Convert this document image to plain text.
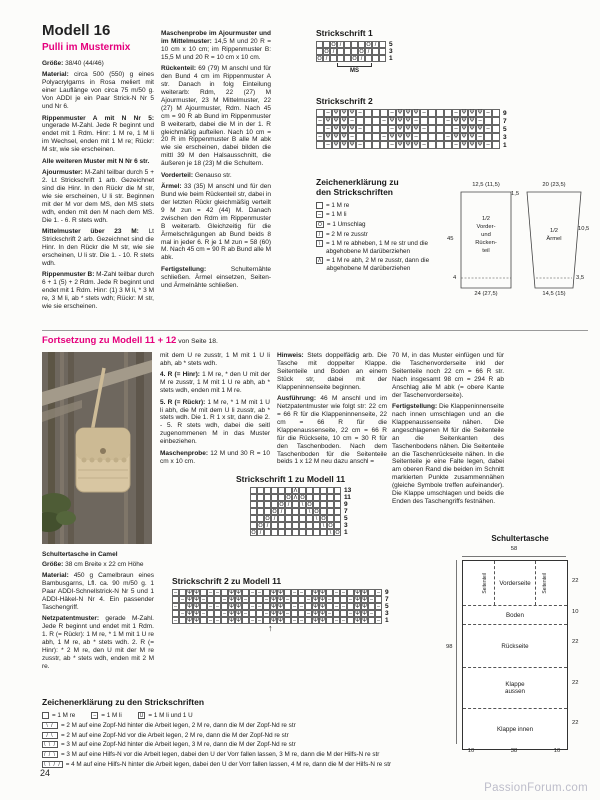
Modell 16
Pulli im Mustermix

Größe: 38/40 (44/46)

Material: circa 500 (550) g eines Polyacrylgarns in Rosa meliert mit einer Lauflänge von circa 75 m/50 g. Von ADDI je ein Paar Strick-N Nr 5 und Nr 6.

Rippenmuster A mit N Nr 5: ungerade M-Zahl. Jede R beginnt und endet mit 1 Rdm. Hinr: 1 M re, 1 M li im Wechsel, enden mit 1 M re; Rückr: M str, wie sie erscheinen.

Alle weiteren Muster mit N Nr 6 str.

Ajourmuster: M-Zahl teilbar durch 5 + 2. Lt Strickschrift 1 arb. Gezeichnet sind die Hinr. In den Rückr die M str, wie sie erscheinen, U li str. Beginnen mit der M vor dem MS, den MS stets wdh, enden mit den M nach dem MS. Die 1. - 6. R stets wdh.

Mittelmuster über 23 M: Lt Strickschrift 2 arb. Gezeichnet sind die Hinr. In den Rückr die M str, wie sie erscheinen, U li str. Die 1. - 10. R stets wdh.

Rippenmuster B: M-Zahl teilbar durch 6 + 1 (5) + 2 Rdm. Jede R beginnt und endet mit 1 Rdm. Hinr: (1) 3 M li, * 3 M re, 3 M li, ab * stets wdh; Rückr: M str, wie sie erscheinen.

Maschenprobe im Ajourmuster und im Mittelmuster: 14,5 M und 20 R = 10 cm x 10 cm; im Rippenmuster B: 15,5 M und 20 R = 10 cm x 10 cm.

Rückenteil: 69 (79) M anschl und für den Bund 4 cm im Rippenmuster A str. Danach in folg Einteilung weiterarb: Rdm, 22 (27) M Ajourmuster, 23 M Mittelmuster, 22 (27) M Ajourmuster, Rdm. Nach 45 cm = 90 R ab Bund im Rippenmuster B weiterarb, dabei die M in der 1. R gleichmäßig aufteilen. Nach 10 cm = 20 R im Rippenmuster B alle M abk wie sie erscheinen, dabei bilden die mittl 39 M den Halsausschnitt, die äußeren je 18 (23) M die Schultern.

Vorderteil: Genauso str.

Ärmel: 33 (35) M anschl und für den Bund wie beim Rückenteil str, dabei in der letzten Rückr gleichmäßig verteilt 9 M zun = 42 (44) M. Danach zwischen den Rdm im Rippenmuster B weiterarb. Gleichzeitig für die Ärmelschrägungen ab Bund beids 8 mal in jeder 6. R je 1 M zun = 58 (60) M. Nach 45 cm = 90 R ab Bund alle M abk.

Fertigstellung: Schulternähte schließen. Ärmel einsetzen, Seiten- und Ärmelnähte schließen.

Strickschrift 1
O /	O /	5
O /	O /	3
O /	O /	1
MS
Strickschrift 2
– Ψ Ψ Ψ –	– Ψ Ψ Ψ –	– Ψ Ψ Ψ –	9
– Ψ Ψ Ψ –	– Ψ Ψ Ψ –	– Ψ Ψ Ψ –	7
– Ψ Ψ Ψ –	– Ψ Ψ Ψ –	– Ψ Ψ Ψ –	5
– Ψ Ψ Ψ –	– Ψ Ψ Ψ –	– Ψ Ψ Ψ –	3
– Ψ Ψ Ψ –	– Ψ Ψ Ψ –	– Ψ Ψ Ψ –	1
Zeichenerklärung zu den Strickschriften
= 1 M re
– = 1 M li
O = 1 Umschlag
/ = 2 M re zusstr
\ = 1 M re abheben, 1 M re str und die abgehobene M darüberziehen
Λ = 1 M re abh, 2 M re zusstr, dann die abgehobene M darüberziehen
12,5 (11,5)
1,5
1/2
Vorder-
und
Rücken-
teil
45
4
24 (27,5)
20 (23,5)
1/2
Ärmel
10,5
3,5
14,5 (15)
Fortsetzung zu Modell 11 + 12 von Seite 18.

Schultertasche in Camel

Größe: 38 cm Breite x 22 cm Höhe

Material: 450 g Camelbraun eines Bambusgarns, Lfl. ca. 90 m/50 g. 1 Paar ADDI-Schnellstrick-N Nr 5 und 1 ADDI-Häkel-N Nr 4. Ein passender Taschengriff.

Netzpatentmuster: gerade M-Zahl. Jede R beginnt und endet mit 1 Rdm. 1. R (= Rückr): 1 M re, * 1 M mit 1 U re abh, 1 M re, ab * stets wdh. 2. R (= Hinr): * 2 M re, den U mit der M re zusstr, ab * stets wdh, enden mit 2 M re.

mit dem U re zusstr, 1 M mit 1 U li abh, ab * stets wdh.

4. R (= Hinr): 1 M re, * den U mit der M re zusstr, 1 M mit 1 U re abh, ab * stets wdh, enden mit 1 M re.

5. R (= Rückr): 1 M re, * 1 M mit 1 U li abh, die M mit dem U li zusstr, ab * stets wdh. Die 1. R 1 x str, dann die 2. - 5. R stets wdh, dabei die seitl zugenommenen M in das Muster einbeziehen.

Maschenprobe: 12 M und 30 R = 10 cm x 10 cm.

Hinweis: Stets doppelfädig arb. Die Tasche mit doppelter Klappe. Seitenteile und Boden an einem Stück str, dabei mit der Klappeninnenseite beginnen.

Ausführung: 46 M anschl und im Netzpatentmuster wie folgt str: 22 cm = 66 R für die Klappeninnenseite, 22 cm = 66 R für die Klappenaussenseite, 22 cm = 66 R für die Rückseite, 10 cm = 30 R für den Taschenboden. Nach dem Taschenboden für die Seitenteile beids 1 x 12 M neu dazu anschl =

70 M, in das Muster einfügen und für die Taschenvorderseite inkl der Seitenteile noch 22 cm = 66 R str. Nach insgesamt 98 cm = 294 R ab Anschlag alle M abk (= obere Kante der Taschenvorderseite).

Fertigstellung: Die Klappeninnenseite nach innen umschlagen und an die Klappenaussenseite nähen. Die angeschlagenen M für die Seitenteile an die Seitenkanten des Taschenbodens nähen. Die Seitenteile an die Taschenrückseite nähen. In die Seitenteile je eine Falte legen, dabei am oberen Rand die beiden im Schnitt markierten Punkte zusammennähen (gleiche Symbole treffen aufeinander). Die Klappe umschlagen und beids die Enden des Taschengriffs festnähen.

Strickschrift 1 zu Modell 11
Λ	13
O Λ O	11
O /	\ O	9
O /	\ O	7
O /	\ O	5
O /	\ O 3
O /	\ O 1
Strickschrift 2 zu Modell 11
–	Ψ Ψ	– –	Ψ Ψ	– –	Ψ Ψ	– –	Ψ Ψ	– –	Ψ Ψ	– 9
– Ψ Ψ –	– Ψ Ψ –	– Ψ Ψ –	– Ψ Ψ –	– Ψ Ψ –	7
–	Ψ Ψ	– –	Ψ Ψ	– –	Ψ Ψ	– –	Ψ Ψ	– –	Ψ Ψ	– 5
– Ψ Ψ –	– Ψ Ψ –	– Ψ Ψ –	– Ψ Ψ –	– Ψ Ψ –	3
–	Ψ Ψ	– –	Ψ Ψ	– –	Ψ Ψ	– –	Ψ Ψ	– –	Ψ Ψ	– 1
↑
Zeichenerklärung zu den Strickschriften
= 1 M re	– = 1 M li	U = 1 M li und 1 U
\ /	= 2 M auf eine Zopf-Nd hinter die Arbeit legen, 2 M re, dann die M der Zopf-Nd re str
/ \	= 2 M auf eine Zopf-Nd vor die Arbeit legen, 2 M re, dann die M der Zopf-Nd re str
\ \ / = 3 M auf eine Zopf-Nd hinter die Arbeit legen, 3 M re, dann die M der Zopf-Nd re str
/ / \ = 3 M auf eine Hilfs-N vor die Arbeit legen, dabei den U der Vorr fallen lassen, 3 M re, dann die M der Hilfs-N re str
\ \ / / = 4 M auf eine Hilfs-N hinter die Arbeit legen, dabei den U der Vorr fallen lassen, 4 M re, dann die M der Hilfs-N re str
Schultertasche
58
98
Seitenteil	Vorderseite	Seitenteil
Boden
Rückseite
Klappe aussen
Klappe innen
22
10
22
22
22
10	38	10
24
PassionForum.com
